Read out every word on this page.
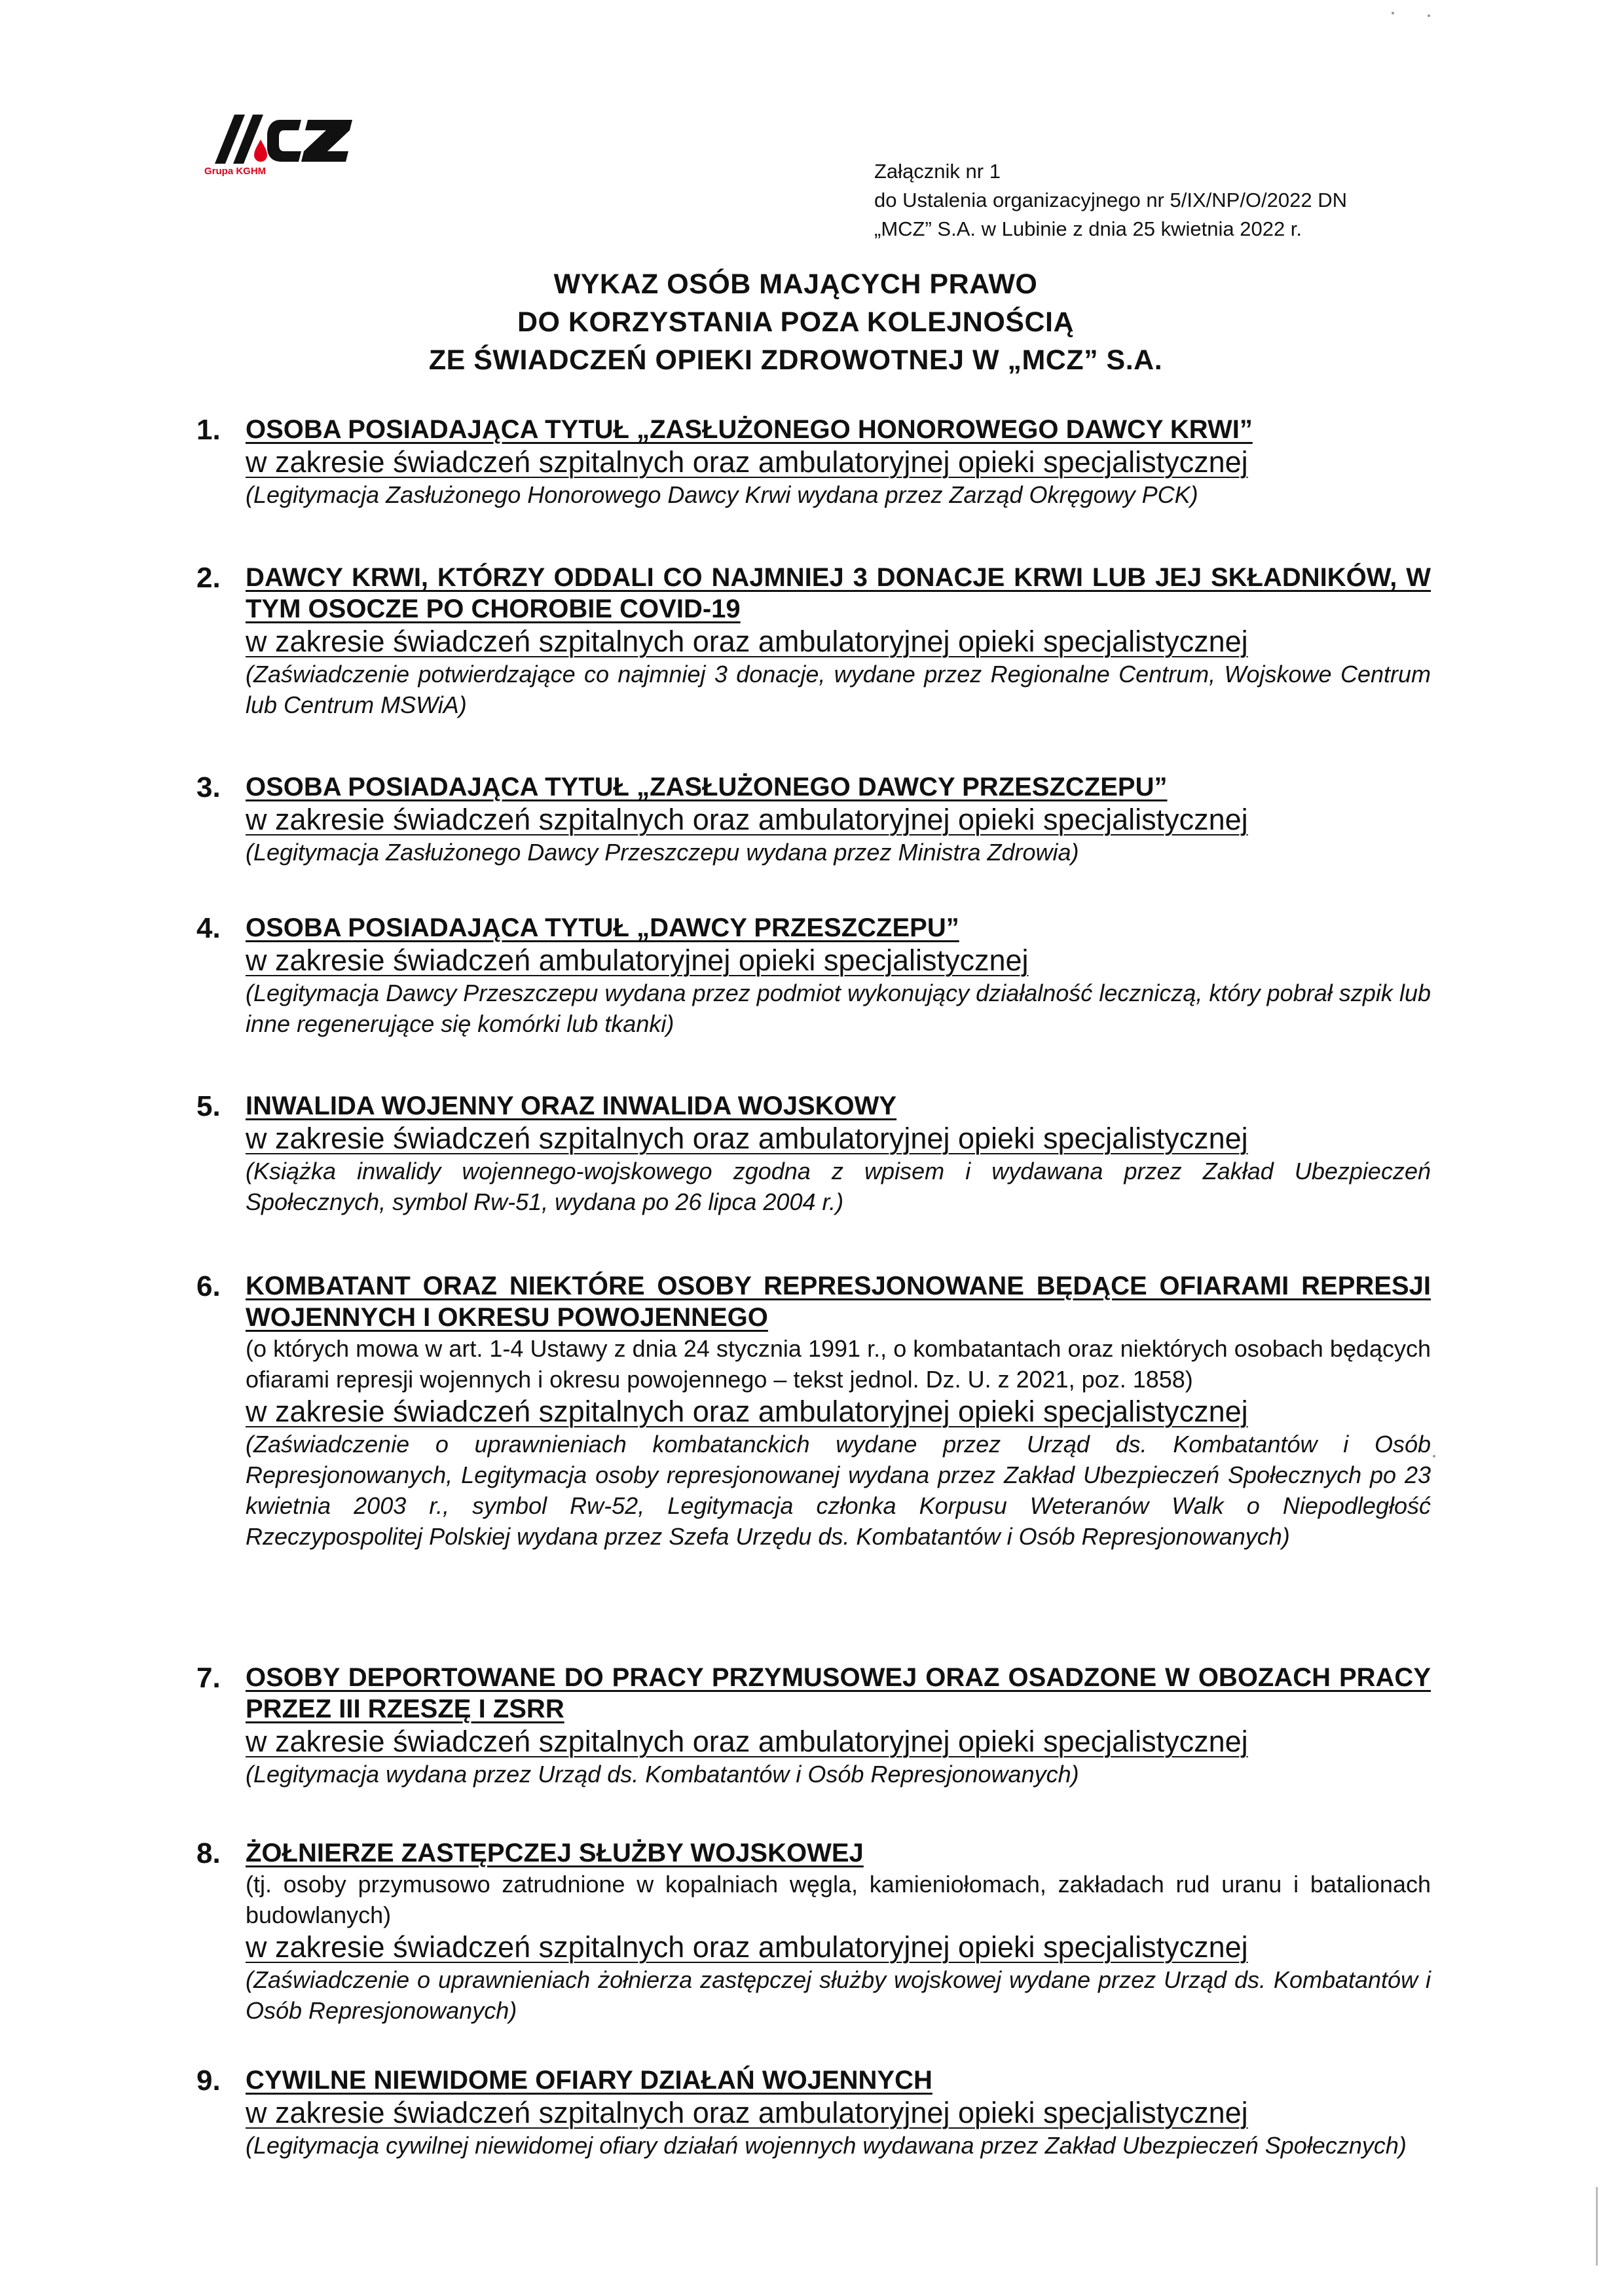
Grupa KGHM	Załącznik nr 1
do Ustalenia organizacyjnego nr 5/IX/NP/O/2022 DN
„MCZ” S.A. w Lubinie z dnia 25 kwietnia 2022 r.
WYKAZ OSÓB MAJĄCYCH PRAWO
DO KORZYSTANIA POZA KOLEJNOŚCIĄ
ZE ŚWIADCZEŃ OPIEKI ZDROWOTNEJ W „MCZ” S.A.
1. OSOBA POSIADAJĄCA TYTUŁ „ZASŁUŻONEGO HONOROWEGO DAWCY KRWI”
w zakresie świadczeń szpitalnych oraz ambulatoryjnej opieki specjalistycznej
(Legitymacja Zasłużonego Honorowego Dawcy Krwi wydana przez Zarząd Okręgowy PCK)
2. DAWCY KRWI, KTÓRZY ODDALI CO NAJMNIEJ 3 DONACJE KRWI LUB JEJ SKŁADNIKÓW, W TYM OSOCZE PO CHOROBIE COVID-19
w zakresie świadczeń szpitalnych oraz ambulatoryjnej opieki specjalistycznej
(Zaświadczenie potwierdzające co najmniej 3 donacje, wydane przez Regionalne Centrum, Wojskowe Centrum lub Centrum MSWiA)
3. OSOBA POSIADAJĄCA TYTUŁ „ZASŁUŻONEGO DAWCY PRZESZCZEPU”
w zakresie świadczeń szpitalnych oraz ambulatoryjnej opieki specjalistycznej
(Legitymacja Zasłużonego Dawcy Przeszczepu wydana przez Ministra Zdrowia)
4. OSOBA POSIADAJĄCA TYTUŁ „DAWCY PRZESZCZEPU”
w zakresie świadczeń ambulatoryjnej opieki specjalistycznej
(Legitymacja Dawcy Przeszczepu wydana przez podmiot wykonujący działalność leczniczą, który pobrał szpik lub inne regenerujące się komórki lub tkanki)
5. INWALIDA WOJENNY ORAZ INWALIDA WOJSKOWY
w zakresie świadczeń szpitalnych oraz ambulatoryjnej opieki specjalistycznej
(Książka inwalidy wojennego-wojskowego zgodna z wpisem i wydawana przez Zakład Ubezpieczeń Społecznych, symbol Rw-51, wydana po 26 lipca 2004 r.)
6. KOMBATANT ORAZ NIEKTÓRE OSOBY REPRESJONOWANE BĘDĄCE OFIARAMI REPRESJI WOJENNYCH I OKRESU POWOJENNEGO
(o których mowa w art. 1-4 Ustawy z dnia 24 stycznia 1991 r., o kombatantach oraz niektórych osobach będących ofiarami represji wojennych i okresu powojennego – tekst jednol. Dz. U. z 2021, poz. 1858)
w zakresie świadczeń szpitalnych oraz ambulatoryjnej opieki specjalistycznej
(Zaświadczenie o uprawnieniach kombatanckich wydane przez Urząd ds. Kombatantów i Osób Represjonowanych, Legitymacja osoby represjonowanej wydana przez Zakład Ubezpieczeń Społecznych po 23 kwietnia 2003 r., symbol Rw-52, Legitymacja członka Korpusu Weteranów Walk o Niepodległość Rzeczypospolitej Polskiej wydana przez Szefa Urzędu ds. Kombatantów i Osób Represjonowanych)
7. OSOBY DEPORTOWANE DO PRACY PRZYMUSOWEJ ORAZ OSADZONE W OBOZACH PRACY PRZEZ III RZESZĘ I ZSRR
w zakresie świadczeń szpitalnych oraz ambulatoryjnej opieki specjalistycznej
(Legitymacja wydana przez Urząd ds. Kombatantów i Osób Represjonowanych)
8. ŻOŁNIERZE ZASTĘPCZEJ SŁUŻBY WOJSKOWEJ
(tj. osoby przymusowo zatrudnione w kopalniach węgla, kamieniołomach, zakładach rud uranu i batalionach budowlanych)
w zakresie świadczeń szpitalnych oraz ambulatoryjnej opieki specjalistycznej
(Zaświadczenie o uprawnieniach żołnierza zastępczej służby wojskowej wydane przez Urząd ds. Kombatantów i Osób Represjonowanych)
9. CYWILNE NIEWIDOME OFIARY DZIAŁAŃ WOJENNYCH
w zakresie świadczeń szpitalnych oraz ambulatoryjnej opieki specjalistycznej
(Legitymacja cywilnej niewidomej ofiary działań wojennych wydawana przez Zakład Ubezpieczeń Społecznych)
